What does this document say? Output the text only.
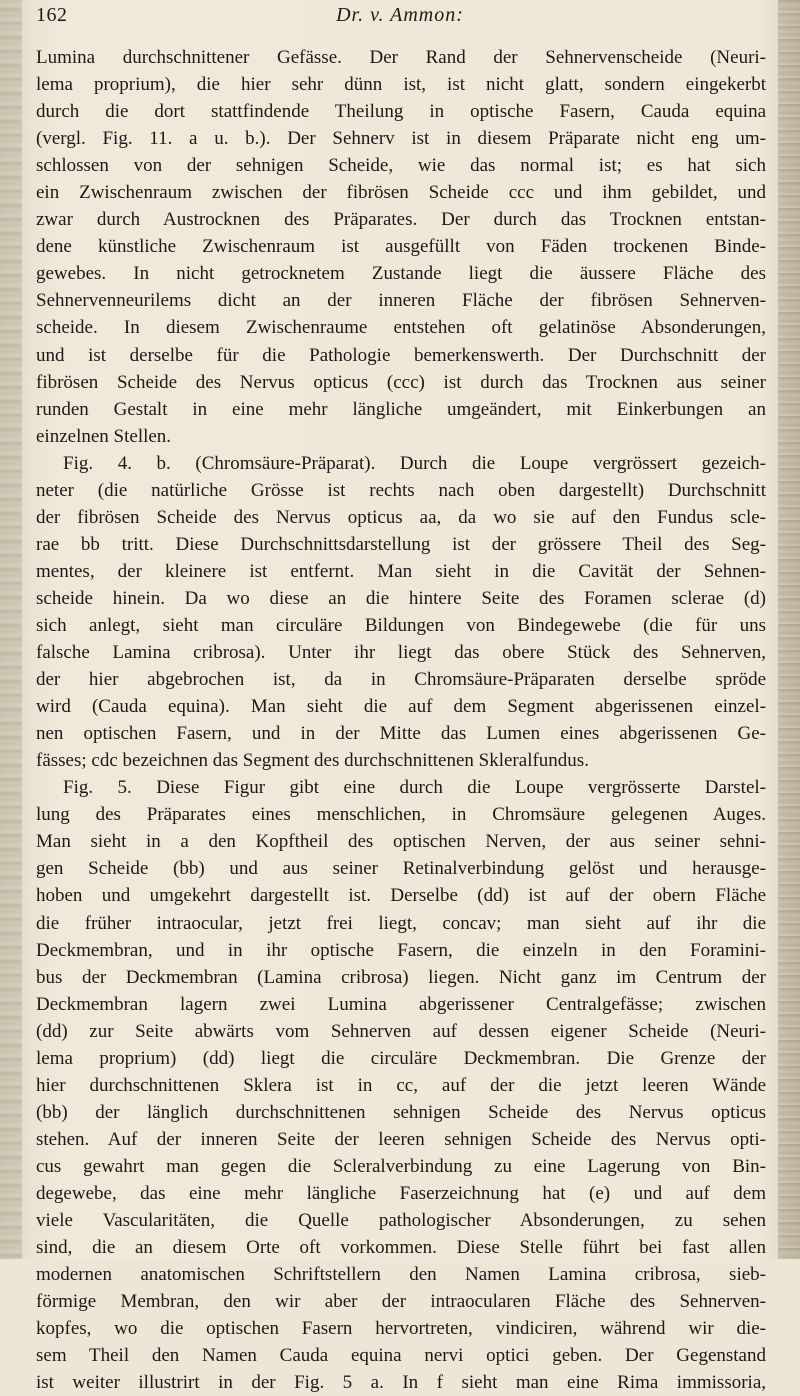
162	Dr. v. Ammon:
Lumina durchschnittener Gefässe. Der Rand der Sehnervenscheide (Neuri-
lema proprium), die hier sehr dünn ist, ist nicht glatt, sondern eingekerbt
durch die dort stattfindende Theilung in optische Fasern, Cauda equina
(vergl. Fig. 11. a u. b.). Der Sehnerv ist in diesem Präparate nicht eng um-
schlossen von der sehnigen Scheide, wie das normal ist; es hat sich
ein Zwischenraum zwischen der fibrösen Scheide ccc und ihm gebildet, und
zwar durch Austrocknen des Präparates. Der durch das Trocknen entstan-
dene künstliche Zwischenraum ist ausgefüllt von Fäden trockenen Binde-
gewebes. In nicht getrocknetem Zustande liegt die äussere Fläche des
Sehnervenneurilems dicht an der inneren Fläche der fibrösen Sehnerven-
scheide. In diesem Zwischenraume entstehen oft gelatinöse Absonderungen,
und ist derselbe für die Pathologie bemerkenswerth. Der Durchschnitt der
fibrösen Scheide des Nervus opticus (ccc) ist durch das Trocknen aus seiner
runden Gestalt in eine mehr längliche umgeändert, mit Einkerbungen an
einzelnen Stellen.
Fig. 4. b. (Chromsäure-Präparat). Durch die Loupe vergrössert gezeich-
neter (die natürliche Grösse ist rechts nach oben dargestellt) Durchschnitt
der fibrösen Scheide des Nervus opticus aa, da wo sie auf den Fundus scle-
rae bb tritt. Diese Durchschnittsdarstellung ist der grössere Theil des Seg-
mentes, der kleinere ist entfernt. Man sieht in die Cavität der Sehnen-
scheide hinein. Da wo diese an die hintere Seite des Foramen sclerae (d)
sich anlegt, sieht man circuläre Bildungen von Bindegewebe (die für uns
falsche Lamina cribrosa). Unter ihr liegt das obere Stück des Sehnerven,
der hier abgebrochen ist, da in Chromsäure-Präparaten derselbe spröde
wird (Cauda equina). Man sieht die auf dem Segment abgerissenen einzel-
nen optischen Fasern, und in der Mitte das Lumen eines abgerissenen Ge-
fässes; cdc bezeichnen das Segment des durchschnittenen Skleralfundus.
Fig. 5. Diese Figur gibt eine durch die Loupe vergrösserte Darstel-
lung des Präparates eines menschlichen, in Chromsäure gelegenen Auges.
Man sieht in a den Kopftheil des optischen Nerven, der aus seiner sehni-
gen Scheide (bb) und aus seiner Retinalverbindung gelöst und herausge-
hoben und umgekehrt dargestellt ist. Derselbe (dd) ist auf der obern Fläche
die früher intraocular, jetzt frei liegt, concav; man sieht auf ihr die
Deckmembran, und in ihr optische Fasern, die einzeln in den Foramini-
bus der Deckmembran (Lamina cribrosa) liegen. Nicht ganz im Centrum der
Deckmembran lagern zwei Lumina abgerissener Centralgefässe; zwischen
(dd) zur Seite abwärts vom Sehnerven auf dessen eigener Scheide (Neuri-
lema proprium) (dd) liegt die circuläre Deckmembran. Die Grenze der
hier durchschnittenen Sklera ist in cc, auf der die jetzt leeren Wände
(bb) der länglich durchschnittenen sehnigen Scheide des Nervus opticus
stehen. Auf der inneren Seite der leeren sehnigen Scheide des Nervus opti-
cus gewahrt man gegen die Scleralverbindung zu eine Lagerung von Bin-
degewebe, das eine mehr längliche Faserzeichnung hat (e) und auf dem
viele Vascularitäten, die Quelle pathologischer Absonderungen, zu sehen
sind, die an diesem Orte oft vorkommen. Diese Stelle führt bei fast allen
modernen anatomischen Schriftstellern den Namen Lamina cribrosa, sieb-
förmige Membran, den wir aber der intraocularen Fläche des Sehnerven-
kopfes, wo die optischen Fasern hervortreten, vindiciren, während wir die-
sem Theil den Namen Cauda equina nervi optici geben. Der Gegenstand
ist weiter illustrirt in der Fig. 5 a. In f sieht man eine Rima immissoria,
